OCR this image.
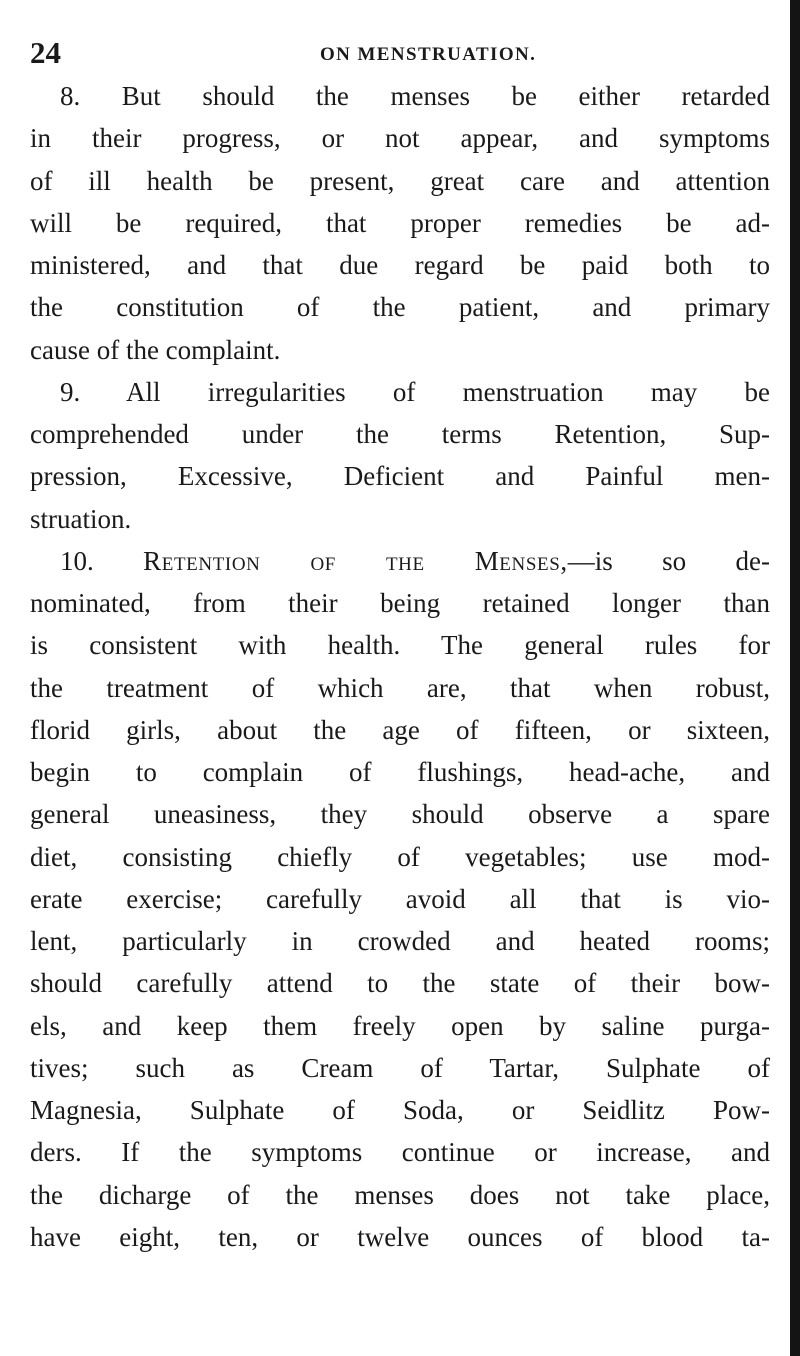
24	ON MENSTRUATION.
8. But should the menses be either retarded
in their progress, or not appear, and symptoms
of ill health be present, great care and attention
will be required, that proper remedies be ad-
ministered, and that due regard be paid both to
the constitution of the patient, and primary
cause of the complaint.
9. All irregularities of menstruation may be
comprehended under the terms Retention, Sup-
pression, Excessive, Deficient and Painful men-
struation.
10. Retention of the Menses,—is so de-
nominated, from their being retained longer than
is consistent with health. The general rules for
the treatment of which are, that when robust,
florid girls, about the age of fifteen, or sixteen,
begin to complain of flushings, head-ache, and
general uneasiness, they should observe a spare
diet, consisting chiefly of vegetables; use mod-
erate exercise; carefully avoid all that is vio-
lent, particularly in crowded and heated rooms;
should carefully attend to the state of their bow-
els, and keep them freely open by saline purga-
tives; such as Cream of Tartar, Sulphate of
Magnesia, Sulphate of Soda, or Seidlitz Pow-
ders. If the symptoms continue or increase, and
the dicharge of the menses does not take place,
have eight, ten, or twelve ounces of blood ta-
